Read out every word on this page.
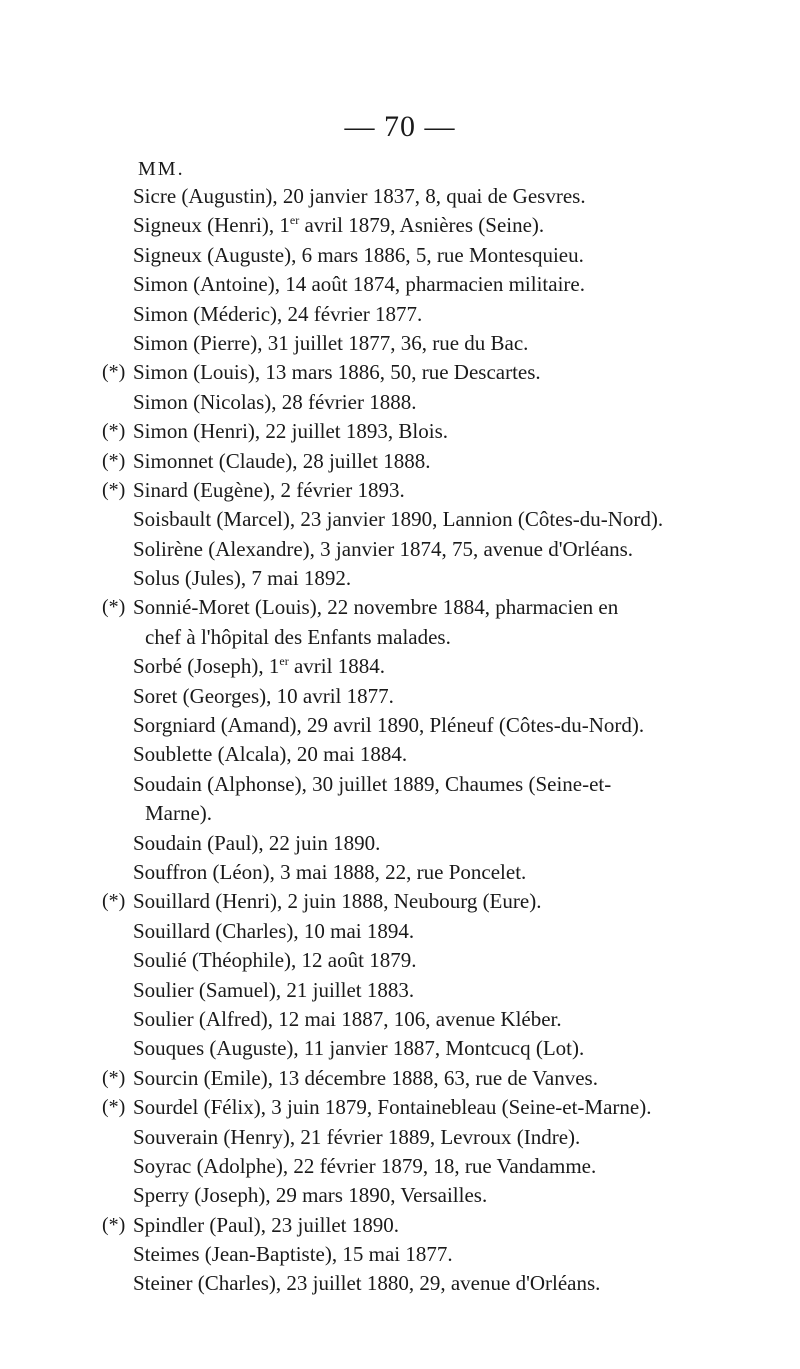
— 70 —
MM.
Sicre (Augustin), 20 janvier 1837, 8, quai de Gesvres.
Signeux (Henri), 1er avril 1879, Asnières (Seine).
Signeux (Auguste), 6 mars 1886, 5, rue Montesquieu.
Simon (Antoine), 14 août 1874, pharmacien militaire.
Simon (Méderic), 24 février 1877.
Simon (Pierre), 31 juillet 1877, 36, rue du Bac.
(*) Simon (Louis), 13 mars 1886, 50, rue Descartes.
Simon (Nicolas), 28 février 1888.
(*) Simon (Henri), 22 juillet 1893, Blois.
(*) Simonnet (Claude), 28 juillet 1888.
(*) Sinard (Eugène), 2 février 1893.
Soisbault (Marcel), 23 janvier 1890, Lannion (Côtes-du-Nord).
Solirène (Alexandre), 3 janvier 1874, 75, avenue d'Orléans.
Solus (Jules), 7 mai 1892.
(*) Sonnié-Moret (Louis), 22 novembre 1884, pharmacien en
chef à l'hôpital des Enfants malades.
Sorbé (Joseph), 1er avril 1884.
Soret (Georges), 10 avril 1877.
Sorgniard (Amand), 29 avril 1890, Pléneuf (Côtes-du-Nord).
Soublette (Alcala), 20 mai 1884.
Soudain (Alphonse), 30 juillet 1889, Chaumes (Seine-et-
Marne).
Soudain (Paul), 22 juin 1890.
Souffron (Léon), 3 mai 1888, 22, rue Poncelet.
(*) Souillard (Henri), 2 juin 1888, Neubourg (Eure).
Souillard (Charles), 10 mai 1894.
Soulié (Théophile), 12 août 1879.
Soulier (Samuel), 21 juillet 1883.
Soulier (Alfred), 12 mai 1887, 106, avenue Kléber.
Souques (Auguste), 11 janvier 1887, Montcucq (Lot).
(*) Sourcin (Emile), 13 décembre 1888, 63, rue de Vanves.
(*) Sourdel (Félix), 3 juin 1879, Fontainebleau (Seine-et-Marne).
Souverain (Henry), 21 février 1889, Levroux (Indre).
Soyrac (Adolphe), 22 février 1879, 18, rue Vandamme.
Sperry (Joseph), 29 mars 1890, Versailles.
(*) Spindler (Paul), 23 juillet 1890.
Steimes (Jean-Baptiste), 15 mai 1877.
Steiner (Charles), 23 juillet 1880, 29, avenue d'Orléans.
